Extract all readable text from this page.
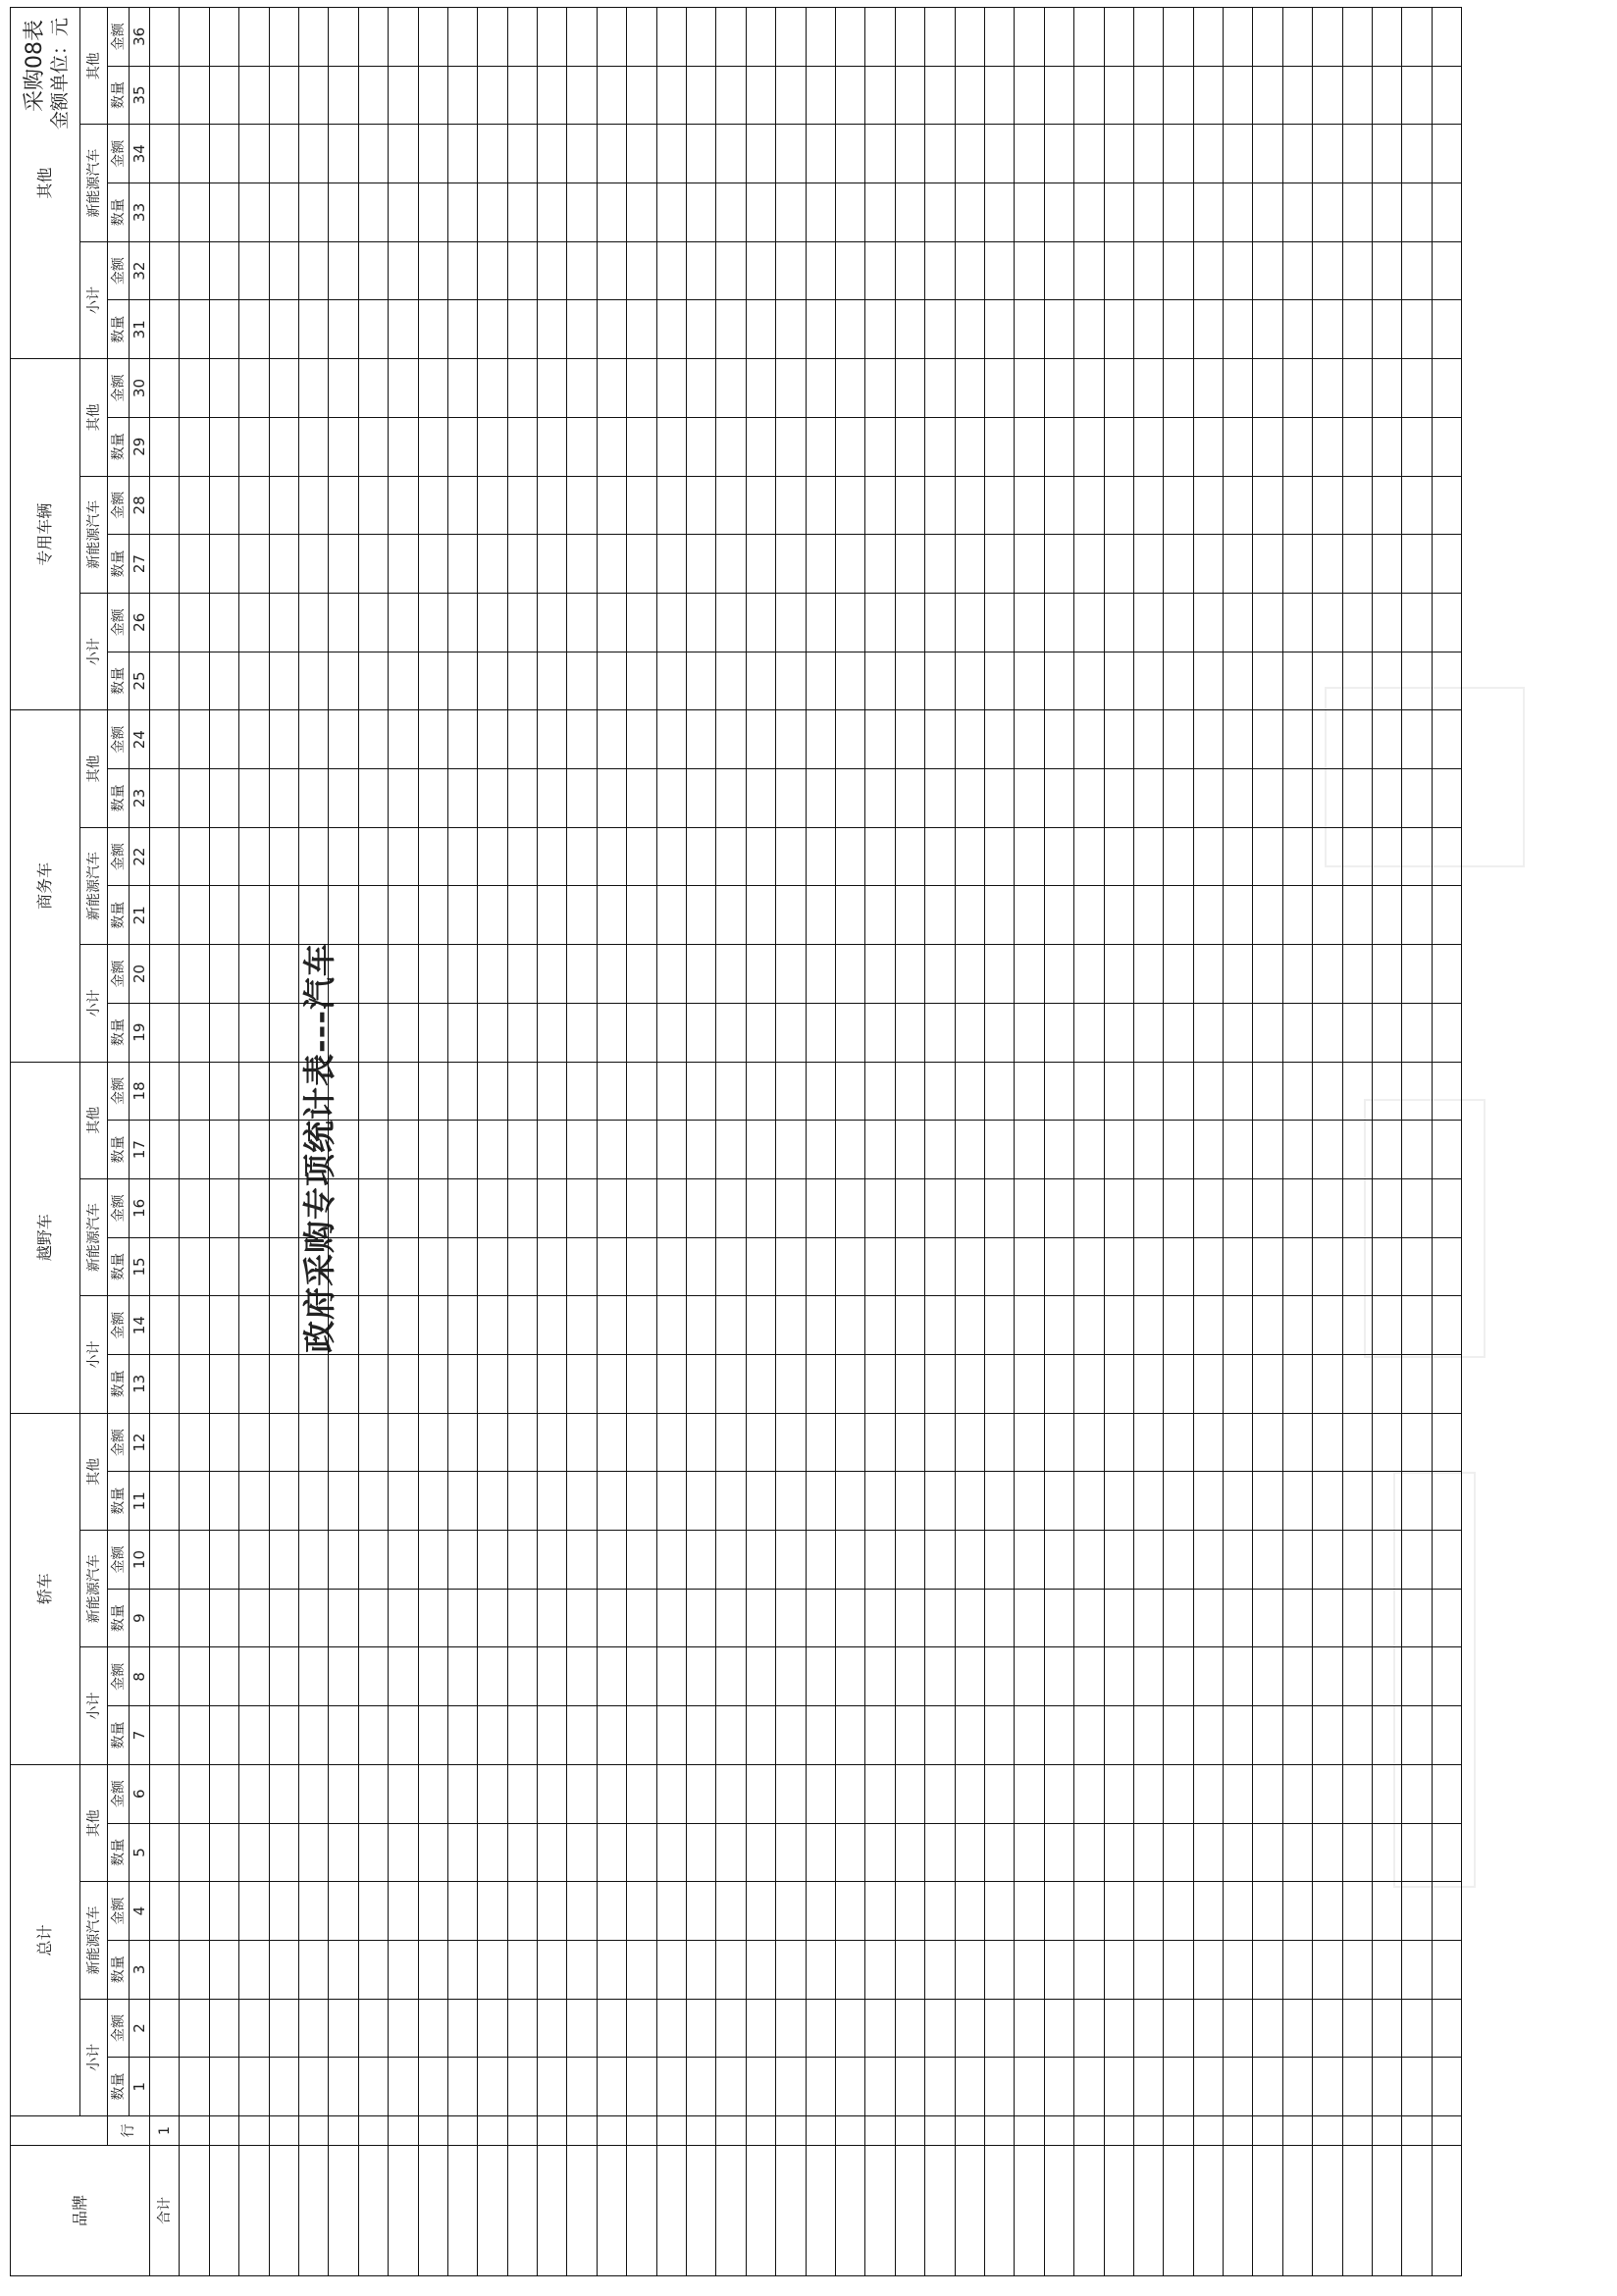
政府采购专项统计表---汽车
采购08表 金额单位：元
品牌		总计						轿车						越野车						商务车						专用车辆						其他					
		小计		新能源汽车		其他		小计		新能源汽车		其他		小计		新能源汽车		其他		小计		新能源汽车		其他		小计		新能源汽车		其他		小计		新能源汽车		其他	
	行	数量	金额	数量	金额	数量	金额	数量	金额	数量	金额	数量	金额	数量	金额	数量	金额	数量	金额	数量	金额	数量	金额	数量	金额	数量	金额	数量	金额	数量	金额	数量	金额	数量	金额	数量	金额

		1	2	3	4	5	6	7	8	9	10	11	12	13	14	15	16	17	18	19	20	21	22	23	24	25	26	27	28	29	30	31	32	33	34	35	36
合计	1																																				
